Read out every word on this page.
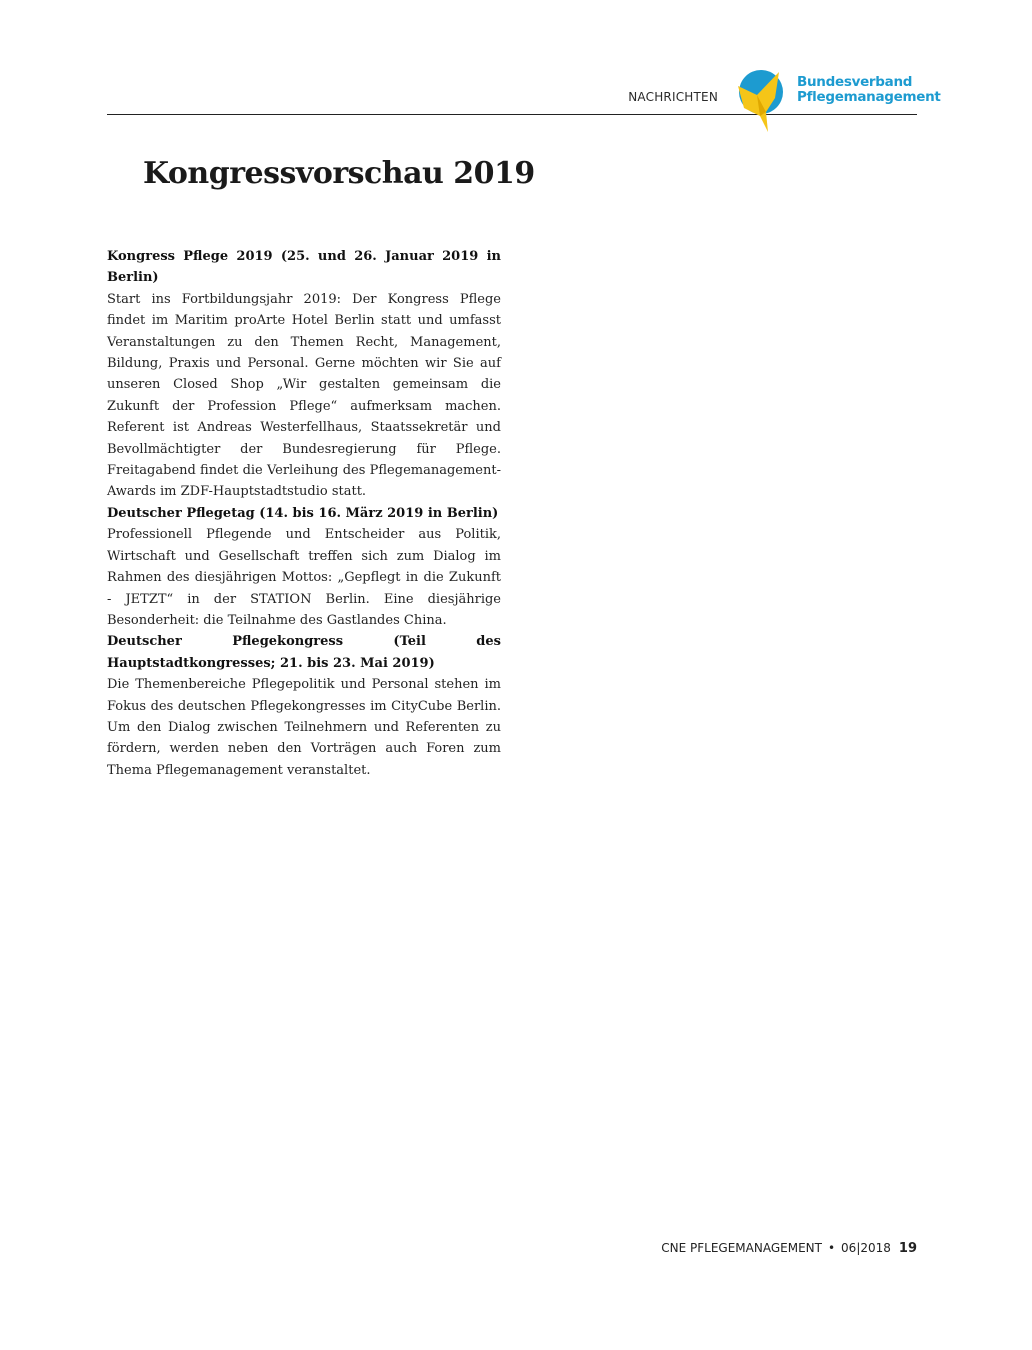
NACHRICHTEN
Bundesverband
Pflegemanagement
Kongressvorschau 2019
Kongress Pflege 2019 (25. und 26. Januar 2019 in Berlin)

Start ins Fortbildungsjahr 2019: Der Kongress Pflege findet im Maritim proArte Hotel Berlin statt und umfasst Veranstaltungen zu den Themen Recht, Management, Bildung, Praxis und Personal. Gerne möchten wir Sie auf unseren Closed Shop „Wir gestalten gemeinsam die Zukunft der Profession Pflege“ aufmerksam machen. Referent ist Andreas Westerfellhaus, Staatssekretär und Bevollmächtigter der Bundesregierung für Pflege. Freitagabend findet die Verleihung des Pflegemanagement-Awards im ZDF-Hauptstadtstudio statt.

Deutscher Pflegetag (14. bis 16. März 2019 in Berlin)

Professionell Pflegende und Entscheider aus Politik, Wirtschaft und Gesellschaft treffen sich zum Dialog im Rahmen des diesjährigen Mottos: „Gepflegt in die Zukunft - JETZT“ in der STATION Berlin. Eine diesjährige Besonderheit: die Teilnahme des Gastlandes China.

Deutscher Pflegekongress (Teil des Hauptstadtkongresses; 21. bis 23. Mai 2019)

Die Themenbereiche Pflegepolitik und Personal stehen im Fokus des deutschen Pflegekongresses im CityCube Berlin. Um den Dialog zwischen Teilnehmern und Referenten zu fördern, werden neben den Vorträgen auch Foren zum Thema Pflegemanagement veranstaltet.

CNE PFLEGEMANAGEMENT • 06|2018 19
